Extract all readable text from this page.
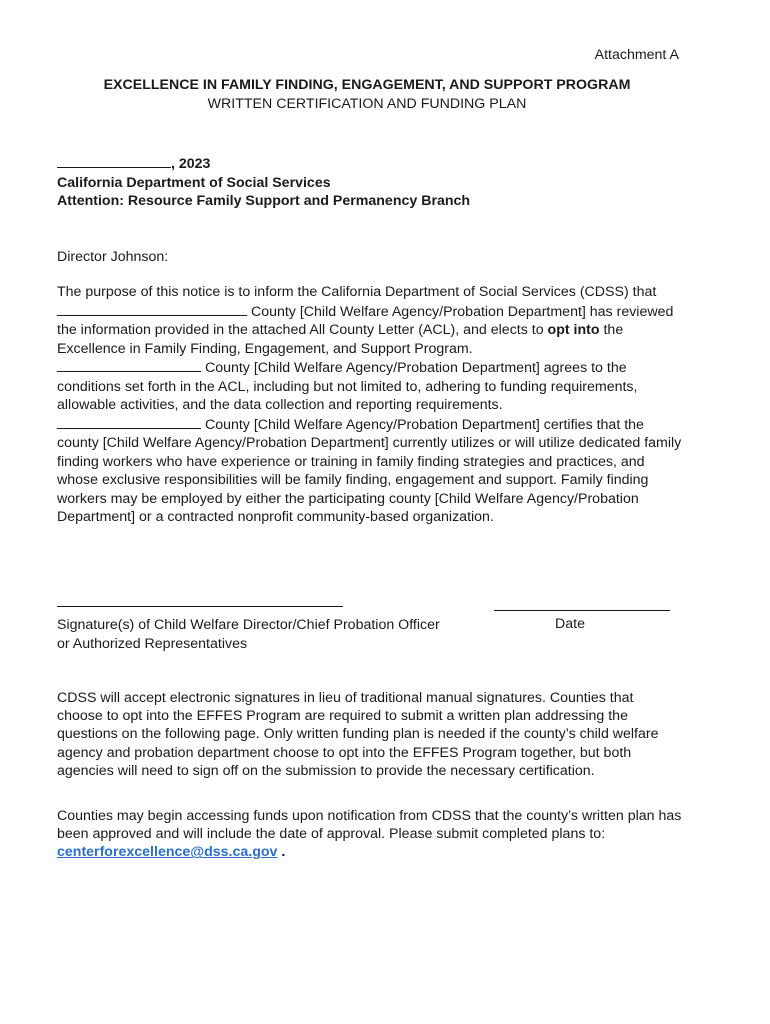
Attachment A
EXCELLENCE IN FAMILY FINDING, ENGAGEMENT, AND SUPPORT PROGRAM
WRITTEN CERTIFICATION AND FUNDING PLAN
, 2023
California Department of Social Services
Attention: Resource Family Support and Permanency Branch
Director Johnson:

The purpose of this notice is to inform the California Department of Social Services (CDSS) that  County [Child Welfare Agency/Probation Department] has reviewed the information provided in the attached All County Letter (ACL), and elects to opt into the Excellence in Family Finding, Engagement, and Support Program.

County [Child Welfare Agency/Probation Department] agrees to the conditions set forth in the ACL, including but not limited to, adhering to funding requirements, allowable activities, and the data collection and reporting requirements.

County [Child Welfare Agency/Probation Department] certifies that the county [Child Welfare Agency/Probation Department] currently utilizes or will utilize dedicated family finding workers who have experience or training in family finding strategies and practices, and whose exclusive responsibilities will be family finding, engagement and support. Family finding workers may be employed by either the participating county [Child Welfare Agency/Probation Department] or a contracted nonprofit community-based organization.

Signature(s) of Child Welfare Director/Chief Probation Officer
or Authorized Representatives
Date
CDSS will accept electronic signatures in lieu of traditional manual signatures. Counties that choose to opt into the EFFES Program are required to submit a written plan addressing the questions on the following page. Only written funding plan is needed if the county’s child welfare agency and probation department choose to opt into the EFFES Program together, but both agencies will need to sign off on the submission to provide the necessary certification.
Counties may begin accessing funds upon notification from CDSS that the county’s written plan has been approved and will include the date of approval. Please submit completed plans to: centerforexcellence@dss.ca.gov .
